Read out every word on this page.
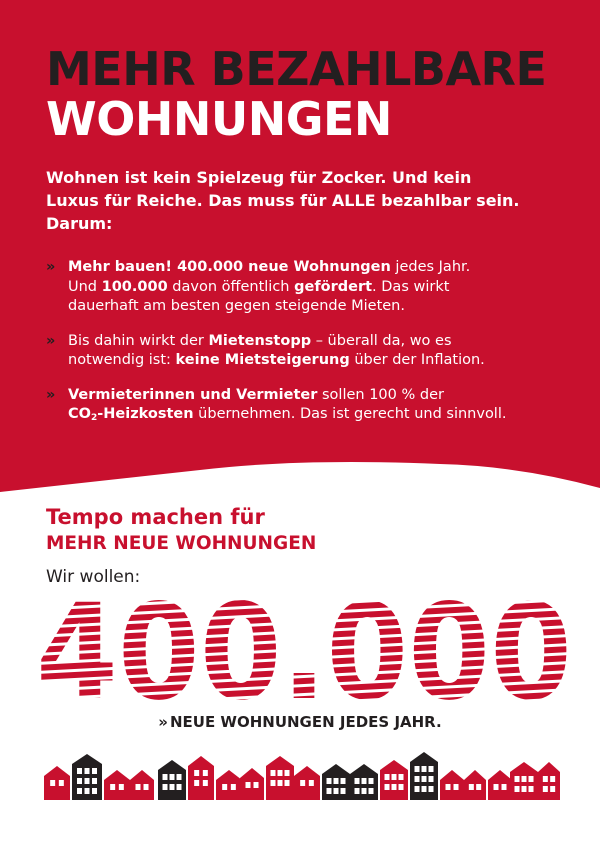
MEHR BEZAHLBARE
WOHNUNGEN
Wohnen ist kein Spielzeug für Zocker. Und kein
Luxus für Reiche. Das muss für ALLE bezahlbar sein.
Darum:
» Mehr bauen! 400.000 neue Wohnungen jedes Jahr.
Und 100.000 davon öffentlich gefördert. Das wirkt
dauerhaft am besten gegen steigende Mieten.
» Bis dahin wirkt der Mietenstopp – überall da, wo es
notwendig ist: keine Mietsteigerung über der Inflation.
» Vermieterinnen und Vermieter sollen 100 % der
$CO_2$-Heizkosten übernehmen. Das ist gerecht und sinnvoll.
Tempo machen für
MEHR NEUE WOHNUNGEN
Wir wollen:
400.000
» NEUE WOHNUNGEN JEDES JAHR.
